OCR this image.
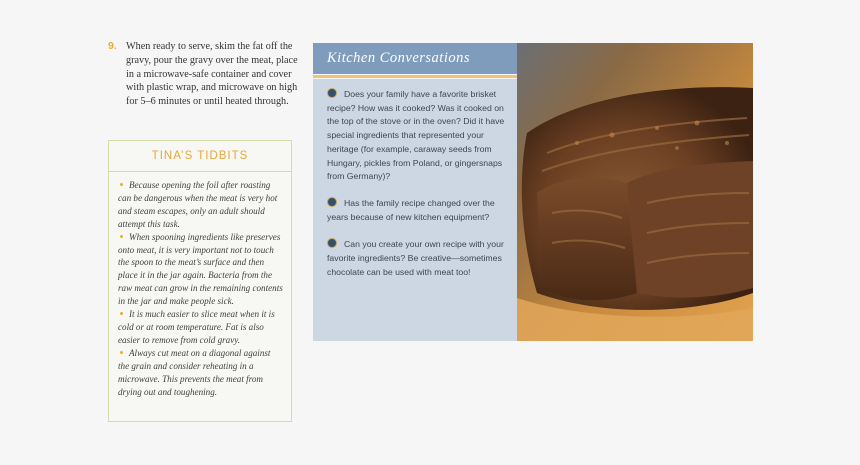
9. When ready to serve, skim the fat off the gravy, pour the gravy over the meat, place in a microwave-safe container and cover with plastic wrap, and microwave on high for 5–6 minutes or until heated through.
TINA’S TIDBITS
Because opening the foil after roasting can be dangerous when the meat is very hot and steam escapes, only an adult should attempt this task.
When spooning ingredients like preserves onto meat, it is very important not to touch the spoon to the meat’s surface and then place it in the jar again. Bacteria from the raw meat can grow in the remaining contents in the jar and make people sick.
It is much easier to slice meat when it is cold or at room temperature. Fat is also easier to remove from cold gravy.
Always cut meat on a diagonal against the grain and consider reheating in a microwave. This prevents the meat from drying out and toughening.
Kitchen Conversations
Does your family have a favorite brisket recipe? How was it cooked? Was it cooked on the top of the stove or in the oven? Did it have special ingredients that represented your heritage (for example, caraway seeds from Hungary, pickles from Poland, or gingersnaps from Germany)?
Has the family recipe changed over the years because of new kitchen equipment?
Can you create your own recipe with your favorite ingredients? Be creative—sometimes chocolate can be used with meat too!
